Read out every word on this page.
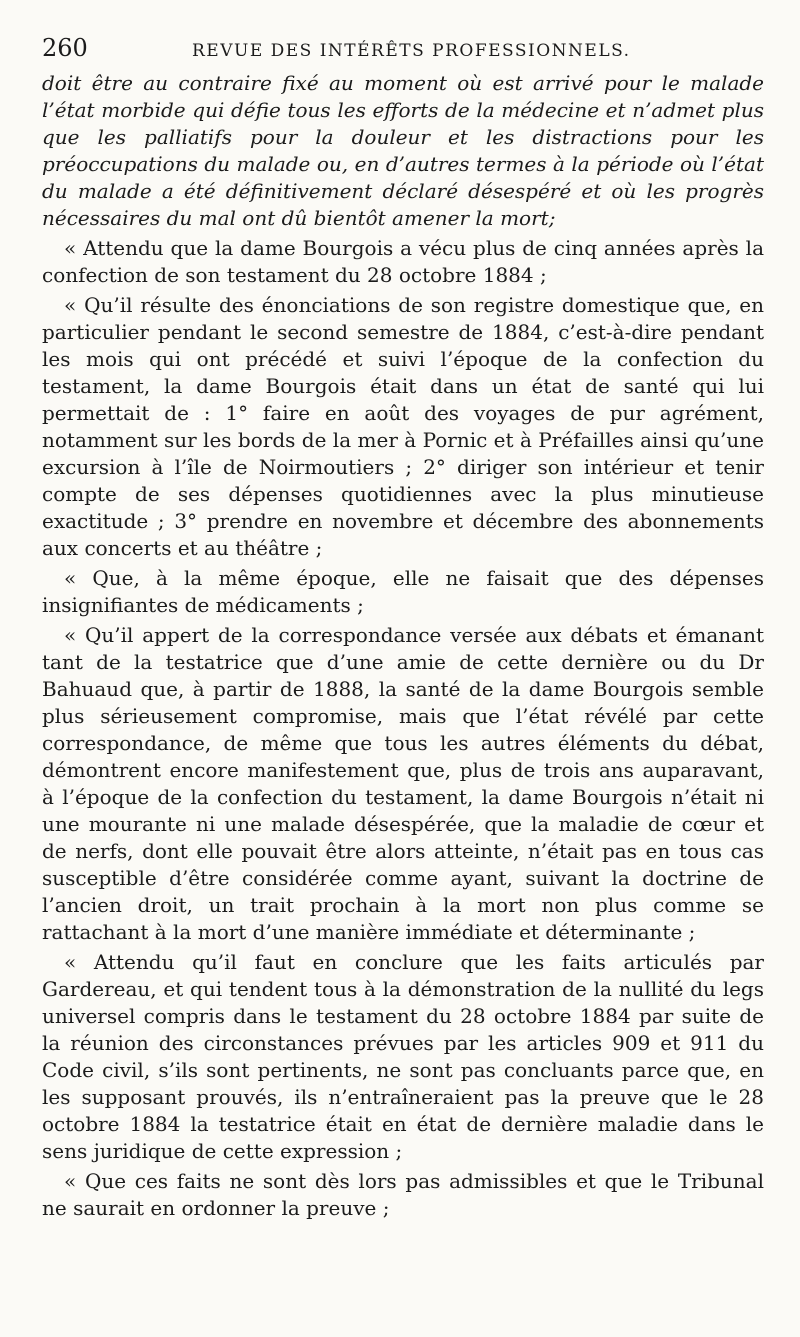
260	REVUE DES INTÉRÊTS PROFESSIONNELS.

doit être au contraire fixé au moment où est arrivé pour le malade l’état morbide qui défie tous les efforts de la médecine et n’admet plus que les palliatifs pour la douleur et les distractions pour les préoccupations du malade ou, en d’autres termes à la période où l’état du malade a été définitivement déclaré désespéré et où les progrès nécessaires du mal ont dû bientôt amener la mort;

« Attendu que la dame Bourgois a vécu plus de cinq années après la confection de son testament du 28 octobre 1884 ;

« Qu’il résulte des énonciations de son registre domestique que, en particulier pendant le second semestre de 1884, c’est-à-dire pendant les mois qui ont précédé et suivi l’époque de la confection du testament, la dame Bourgois était dans un état de santé qui lui permettait de : 1° faire en août des voyages de pur agrément, notamment sur les bords de la mer à Pornic et à Préfailles ainsi qu’une excursion à l’île de Noirmoutiers ; 2° diriger son intérieur et tenir compte de ses dépenses quotidiennes avec la plus minutieuse exactitude ; 3° prendre en novembre et décembre des abonnements aux concerts et au théâtre ;

« Que, à la même époque, elle ne faisait que des dépenses insignifiantes de médicaments ;

« Qu’il appert de la correspondance versée aux débats et émanant tant de la testatrice que d’une amie de cette dernière ou du Dr Bahuaud que, à partir de 1888, la santé de la dame Bourgois semble plus sérieusement compromise, mais que l’état révélé par cette correspondance, de même que tous les autres éléments du débat, démontrent encore manifestement que, plus de trois ans auparavant, à l’époque de la confection du testament, la dame Bourgois n’était ni une mourante ni une malade désespérée, que la maladie de cœur et de nerfs, dont elle pouvait être alors atteinte, n’était pas en tous cas susceptible d’être considérée comme ayant, suivant la doctrine de l’ancien droit, un trait prochain à la mort non plus comme se rattachant à la mort d’une manière immédiate et déterminante ;

« Attendu qu’il faut en conclure que les faits articulés par Gardereau, et qui tendent tous à la démonstration de la nullité du legs universel compris dans le testament du 28 octobre 1884 par suite de la réunion des circonstances prévues par les articles 909 et 911 du Code civil, s’ils sont pertinents, ne sont pas concluants parce que, en les supposant prouvés, ils n’entraîneraient pas la preuve que le 28 octobre 1884 la testatrice était en état de dernière maladie dans le sens juridique de cette expression ;

« Que ces faits ne sont dès lors pas admissibles et que le Tribunal ne saurait en ordonner la preuve ;
